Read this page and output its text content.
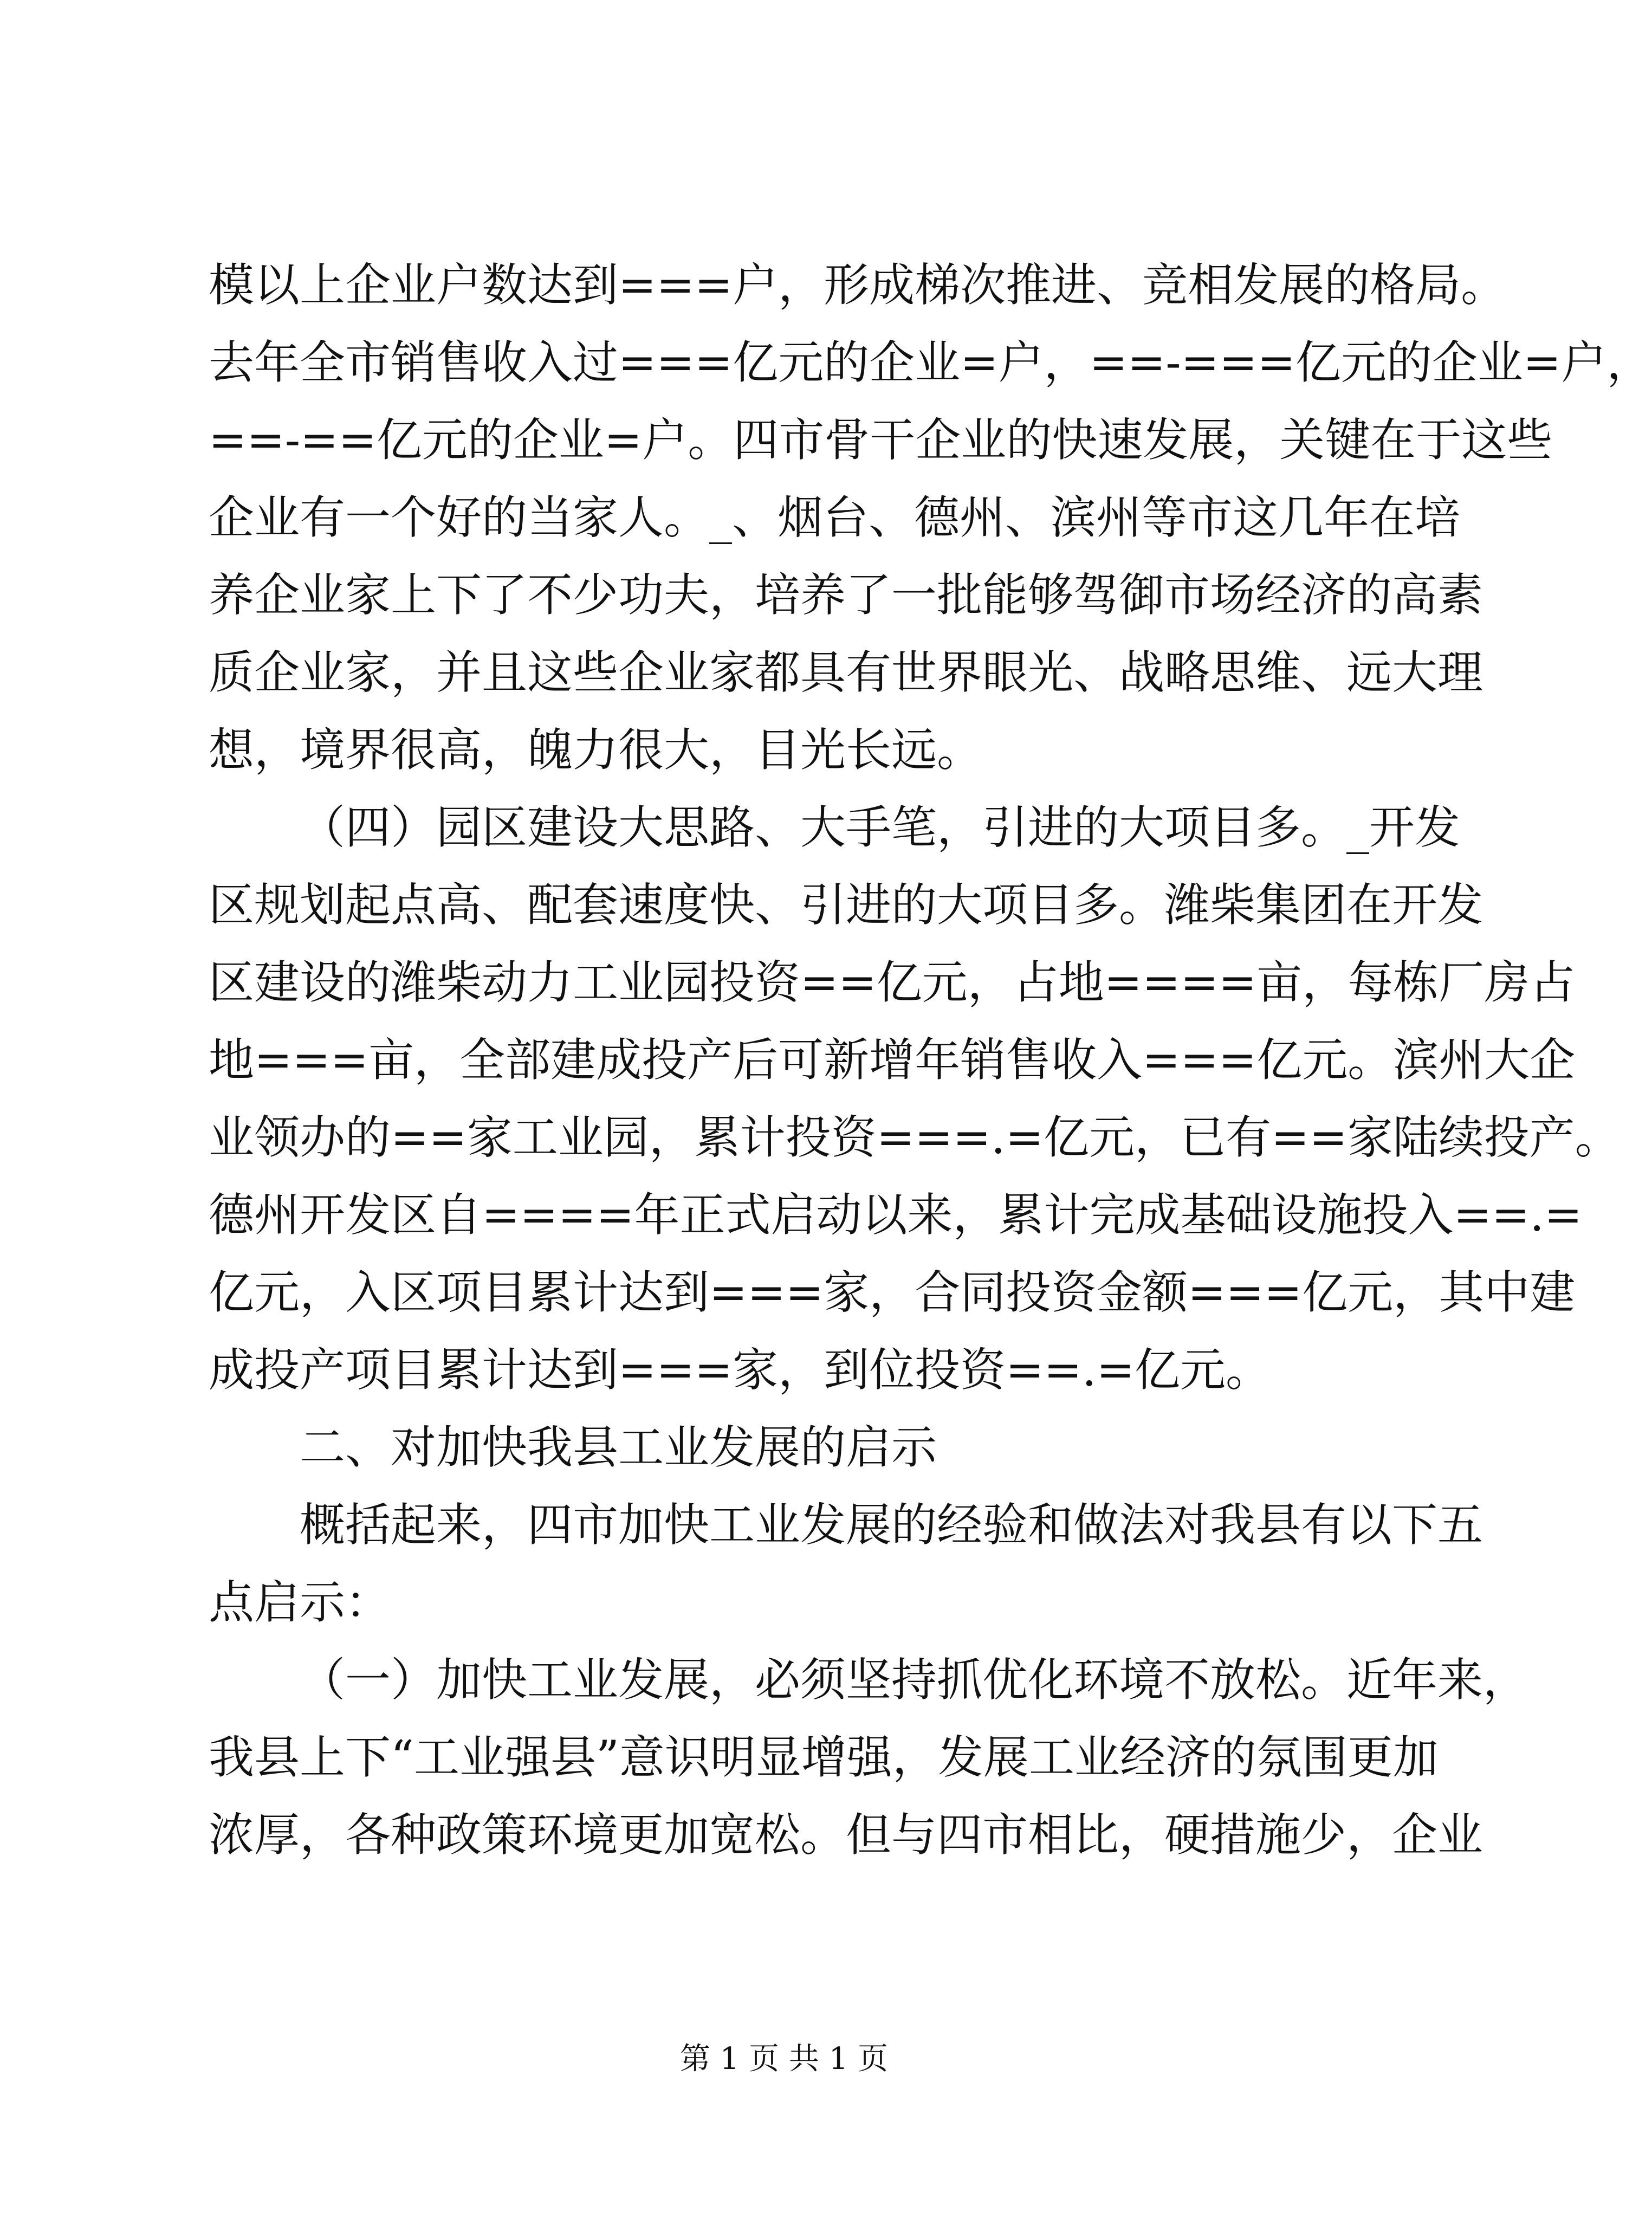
模以上企业户数达到===户，形成梯次推进、竞相发展的格局。
去年全市销售收入过===亿元的企业=户，==-===亿元的企业=户，
==-==亿元的企业=户。四市骨干企业的快速发展，关键在于这些
企业有一个好的当家人。_、烟台、德州、滨州等市这几年在培
养企业家上下了不少功夫，培养了一批能够驾御市场经济的高素
质企业家，并且这些企业家都具有世界眼光、战略思维、远大理
想，境界很高，魄力很大，目光长远。
（四）园区建设大思路、大手笔，引进的大项目多。_开发
区规划起点高、配套速度快、引进的大项目多。潍柴集团在开发
区建设的潍柴动力工业园投资==亿元，占地====亩，每栋厂房占
地===亩，全部建成投产后可新增年销售收入===亿元。滨州大企
业领办的==家工业园，累计投资===.=亿元，已有==家陆续投产。
德州开发区自====年正式启动以来，累计完成基础设施投入==.=
亿元，入区项目累计达到===家，合同投资金额===亿元，其中建
成投产项目累计达到===家，到位投资==.=亿元。
二、对加快我县工业发展的启示
概括起来，四市加快工业发展的经验和做法对我县有以下五
点启示：
（一）加快工业发展，必须坚持抓优化环境不放松。近年来，
我县上下“工业强县”意识明显增强，发展工业经济的氛围更加
浓厚，各种政策环境更加宽松。但与四市相比，硬措施少，企业
第 1 页 共 1 页
